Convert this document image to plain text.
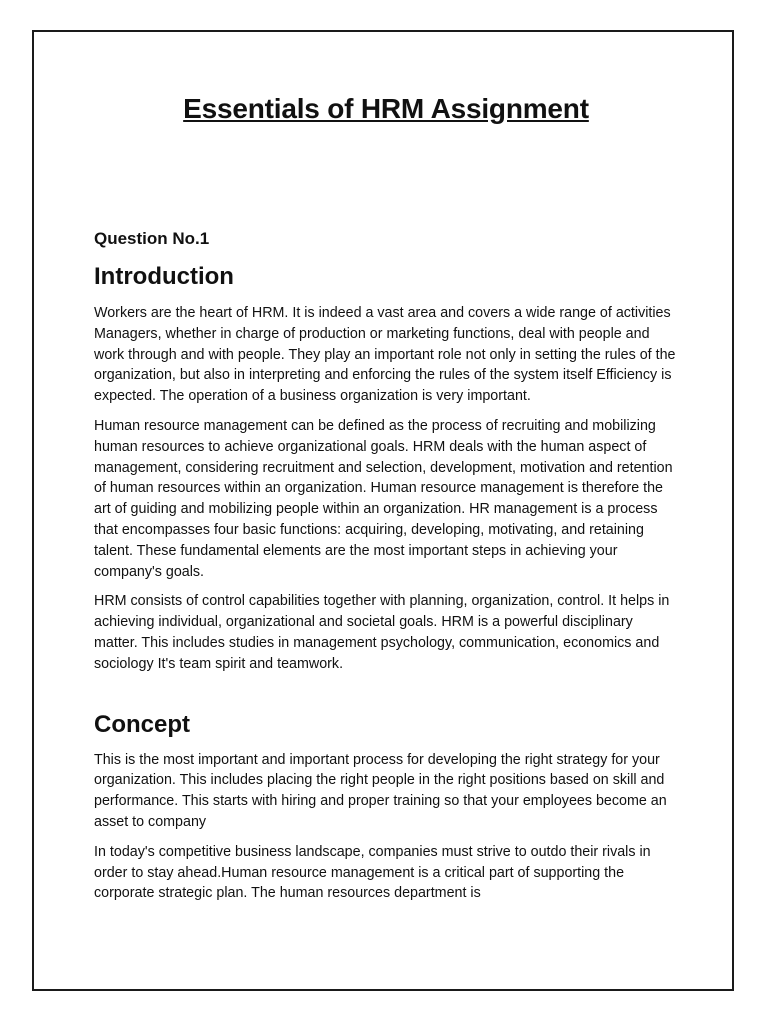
Essentials of HRM Assignment

Question No.1

Introduction

Workers are the heart of HRM. It is indeed a vast area and covers a wide range of activities Managers, whether in charge of production or marketing functions, deal with people and work through and with people. They play an important role not only in setting the rules of the organization, but also in interpreting and enforcing the rules of the system itself Efficiency is expected. The operation of a business organization is very important.

Human resource management can be defined as the process of recruiting and mobilizing human resources to achieve organizational goals. HRM deals with the human aspect of management, considering recruitment and selection, development, motivation and retention of human resources within an organization. Human resource management is therefore the art of guiding and mobilizing people within an organization. HR management is a process that encompasses four basic functions: acquiring, developing, motivating, and retaining talent. These fundamental elements are the most important steps in achieving your company's goals.

HRM consists of control capabilities together with planning, organization, control. It helps in achieving individual, organizational and societal goals. HRM is a powerful disciplinary matter. This includes studies in management psychology, communication, economics and sociology It's team spirit and teamwork.

Concept

This is the most important and important process for developing the right strategy for your organization. This includes placing the right people in the right positions based on skill and performance. This starts with hiring and proper training so that your employees become an asset to company

In today's competitive business landscape, companies must strive to outdo their rivals in order to stay ahead.Human resource management is a critical part of supporting the corporate strategic plan. The human resources department is
